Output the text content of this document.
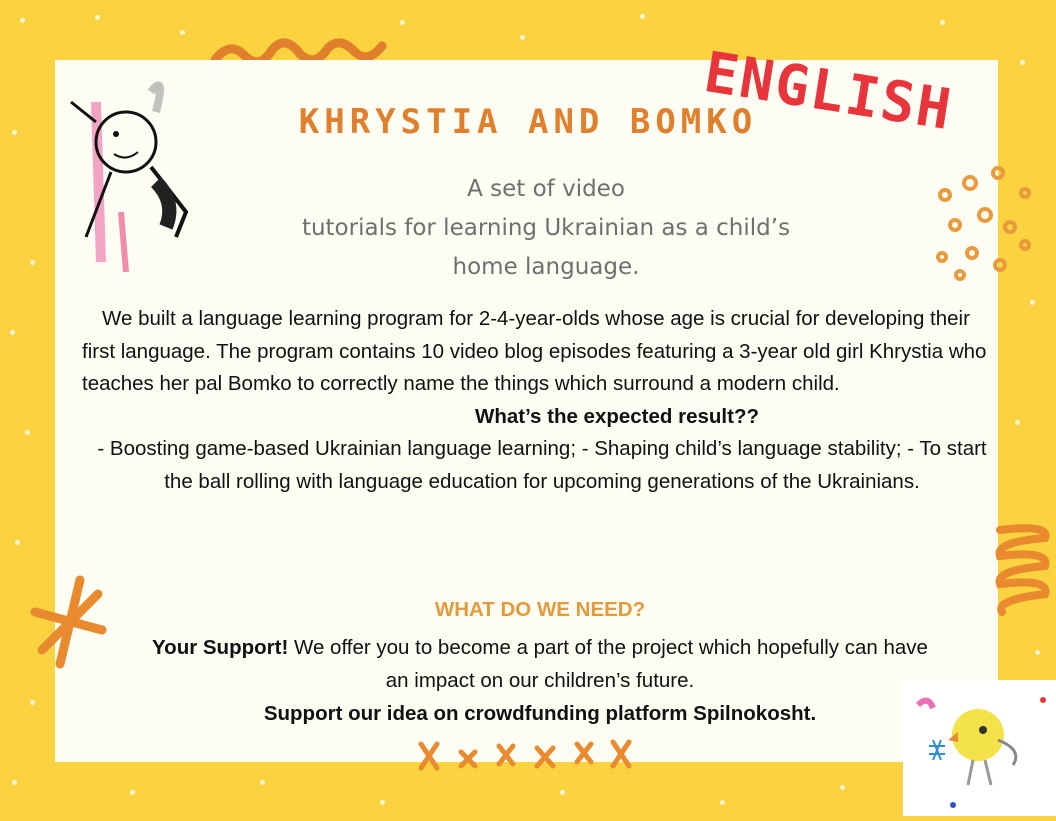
ENGLISH
KHRYSTIA AND BOMKO
A set of video
tutorials for learning Ukrainian as a child’s
home language.
We built a language learning program for 2-4-year-olds whose age is crucial for developing their first language. The program contains 10 video blog episodes featuring a 3-year old girl Khrystia who teaches her pal Bomko to correctly name the things which surround a modern child.
What’s the expected result??
- Boosting game-based Ukrainian language learning; - Shaping child’s language stability; - To start the ball rolling with language education for upcoming generations of the Ukrainians.
WHAT DO WE NEED?
Your Support! We offer you to become a part of the project which hopefully can have an impact on our children’s future.
Support our idea on crowdfunding platform Spilnokosht.
